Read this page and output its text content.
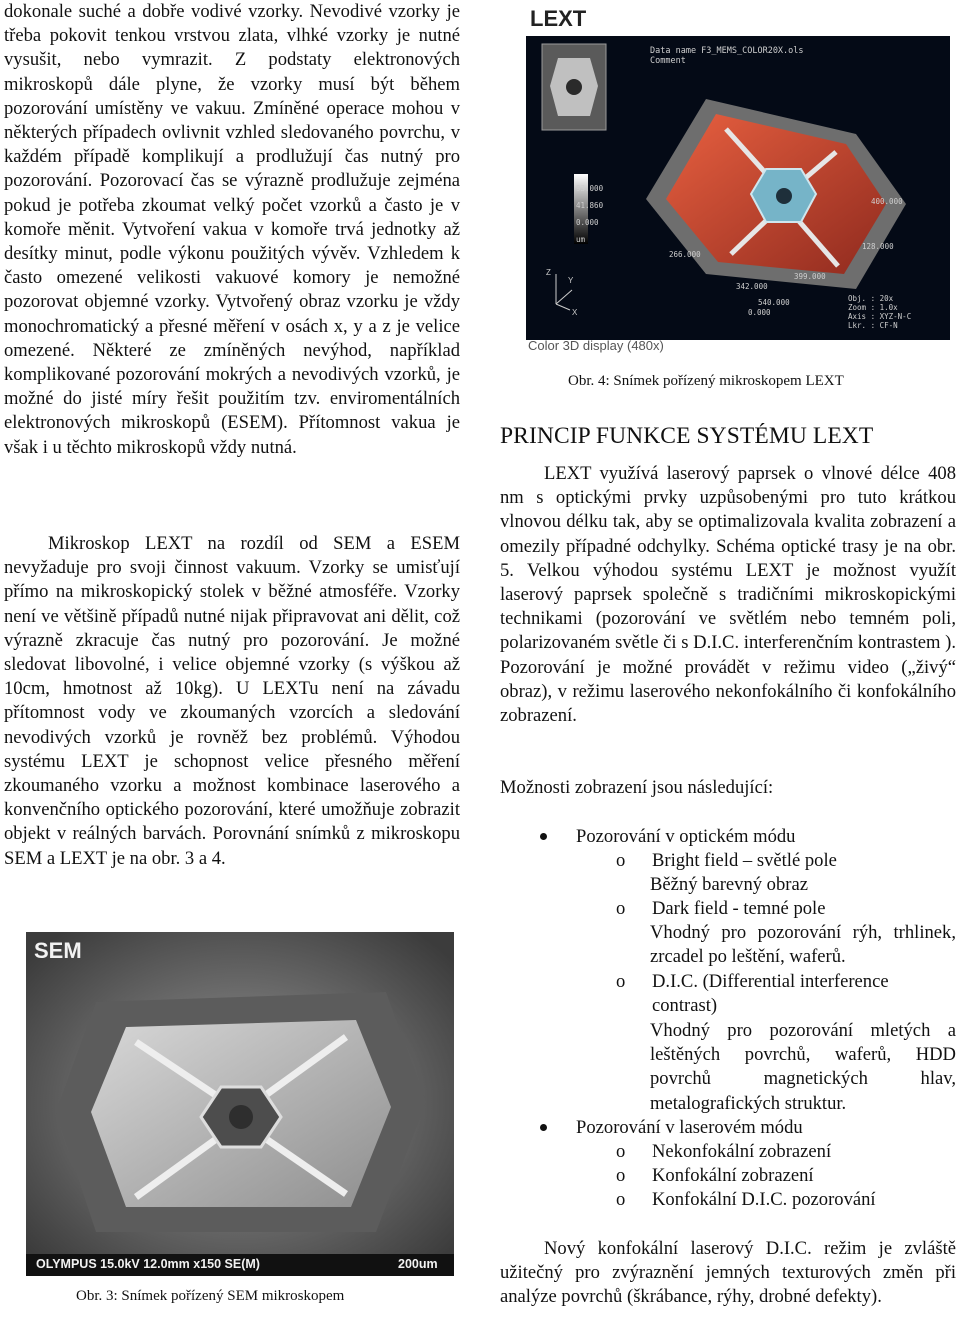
dokonale suché a dobře vodivé vzorky. Nevodivé vzorky je třeba pokovit tenkou vrstvou zlata, vlhké vzorky je nutné vysušit, nebo vymrazit. Z podstaty elektronových mikroskopů dále plyne, že vzorky musí být během pozorování umístěny ve vakuu. Zmíněné operace mohou v některých případech ovlivnit vzhled sledovaného povrchu, v každém případě komplikují a prodlužují čas nutný pro pozorování. Pozorovací čas se výrazně prodlužuje zejména pokud je potřeba zkoumat velký počet vzorků a často je v komoře měnit. Vytvoření vakua v komoře trvá jednotky až desítky minut, podle výkonu použitých vývěv. Vzhledem k často omezené velikosti vakuové komory je nemožné pozorovat objemné vzorky. Vytvořený obraz vzorku je vždy monochromatický a přesné měření v osách x, y a z je velice omezené. Některé ze zmíněných nevýhod, například komplikované pozorování mokrých a nevodivých vzorků, je možné do jisté míry řešit použitím tzv. enviromentálních elektronových mikroskopů (ESEM). Přítomnost vakua je však i u těchto mikroskopů vždy nutná.

Mikroskop LEXT na rozdíl od SEM a ESEM nevyžaduje pro svoji činnost vakuum. Vzorky se umisťují přímo na mikroskopický stolek v běžné atmosféře. Vzorky není ve většině případů nutné nijak připravovat ani dělit, což výrazně zkracuje čas nutný pro pozorování. Je možné sledovat libovolné, i velice objemné vzorky (s výškou až 10cm, hmotnost až 10kg). U LEXTu není na závadu přítomnost vody ve zkoumaných vzorcích a sledování nevodivých vzorků je rovněž bez problémů. Výhodou systému LEXT je schopnost velice přesného měření zkoumaného vzorku a možnost kombinace laserového a konvenčního optického pozorování, které umožňuje zobrazit objekt v reálných barvách. Porovnání snímků z mikroskopu SEM a LEXT je na obr. 3 a 4.

SEM
OLYMPUS 15.0kV 12.0mm x150 SE(M)	200um
Obr. 3: Snímek pořízený SEM mikroskopem
LEXT
Data name F3_MEMS_COLOR20X.ols
Comment
93.000
41.860
0.000
um
400.000
128.000
266.000
342.000
399.000
540.000
0.000
Obj. : 20x
Zoom : 1.0x
Axis : XYZ-N-C
Lkr. : CF-N
Z
Y
X
Color 3D display (480x)
Obr. 4: Snímek pořízený mikroskopem LEXT
PRINCIP FUNKCE SYSTÉMU LEXT

LEXT využívá laserový paprsek o vlnové délce 408 nm s optickými prvky uzpůsobenými pro tuto krátkou vlnovou délku tak, aby se optimalizovala kvalita zobrazení a omezily případné odchylky. Schéma optické trasy je na obr. 5. Velkou výhodou systému LEXT je možnost využít laserový paprsek společně s tradičními mikroskopickými technikami (pozorování ve světlém nebo temném poli, polarizovaném světle či s D.I.C. interferenčním kontrastem ). Pozorování je možné provádět v režimu video („živý“ obraz), v režimu laserového nekonfokálního či konfokálního zobrazení.

Možnosti zobrazení jsou následující:

Pozorování v optickém módu
o Bright field – světlé pole
Běžný barevný obraz
o Dark field - temné pole
Vhodný pro pozorování rýh, trhlinek, zrcadel po leštění, waferů.
o D.I.C. (Differential interference contrast)
Vhodný pro pozorování mletých a leštěných povrchů, waferů, HDD povrchů magnetických hlav, metalografických struktur.
Pozorování v laserovém módu
o Nekonfokální zobrazení
o Konfokální zobrazení
o Konfokální D.I.C. pozorování

Nový konfokální laserový D.I.C. režim je zvláště užitečný pro zvýraznění jemných texturových změn při analýze povrchů (škrábance, rýhy, drobné defekty).
